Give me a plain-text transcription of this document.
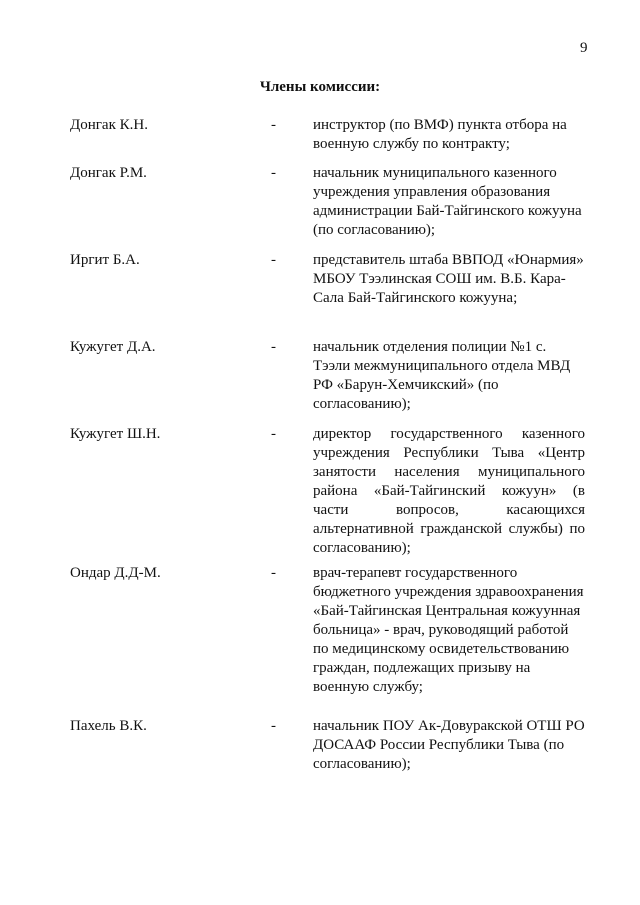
9
Члены комиссии:
Донгак К.Н.	- инструктор (по ВМФ) пункта отбора на военную службу по контракту;
Донгак Р.М.	- начальник муниципального казенного учреждения управления образования администрации Бай-Тайгинского кожууна (по согласованию);
Иргит Б.А.	- представитель штаба ВВПОД «Юнармия» МБОУ Тээлинская СОШ им. В.Б. Кара-Сала Бай-Тайгинского кожууна;
Кужугет Д.А.	- начальник отделения полиции №1 с. Тээли межмуниципального отдела МВД РФ «Барун-Хемчикский» (по согласованию);
Кужугет Ш.Н.	- директор государственного казенного учреждения Республики Тыва «Центр занятости населения муниципального района «Бай-Тайгинский кожуун» (в части вопросов, касающихся альтернативной гражданской службы) по согласованию);
Ондар Д.Д-М.	- врач-терапевт государственного бюджетного учреждения здравоохранения «Бай-Тайгинская Центральная кожуунная больница» - врач, руководящий работой по медицинскому освидетельствованию граждан, подлежащих призыву на военную службу;
Пахель В.К.	- начальник ПОУ Ак-Довуракской ОТШ РО ДОСААФ России Республики Тыва (по согласованию);
